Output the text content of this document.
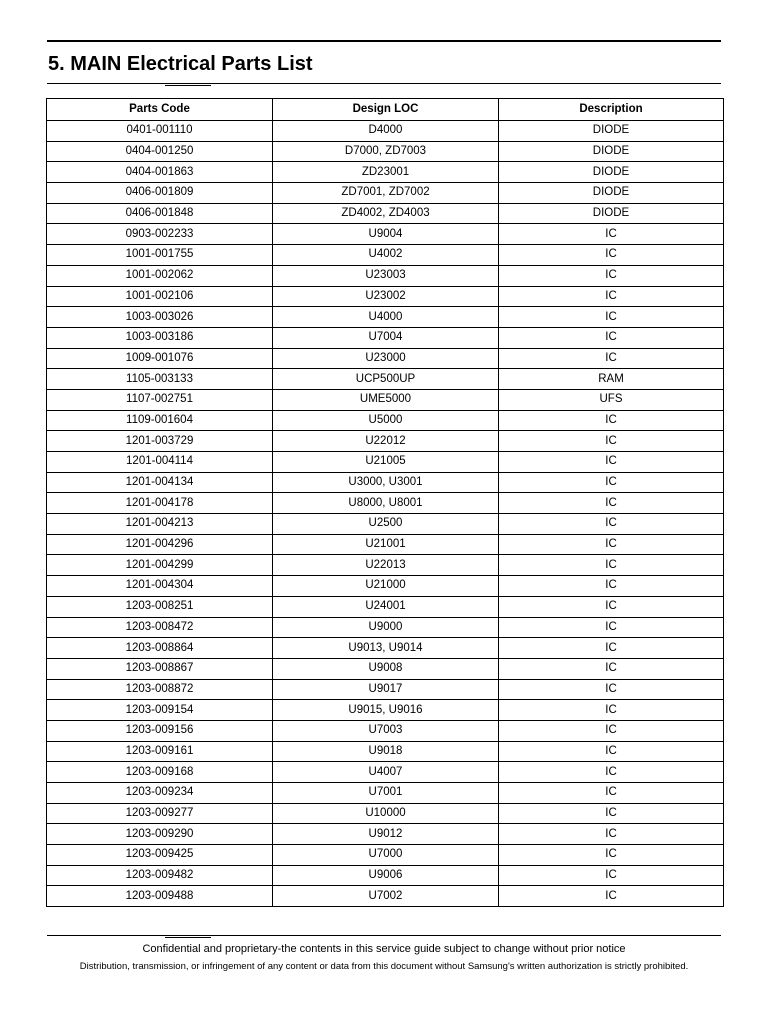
5. MAIN Electrical Parts List
Parts Code	Design LOC	Description
0401-001110	D4000	DIODE
0404-001250	D7000, ZD7003	DIODE
0404-001863	ZD23001	DIODE
0406-001809	ZD7001, ZD7002	DIODE
0406-001848	ZD4002, ZD4003	DIODE
0903-002233	U9004	IC
1001-001755	U4002	IC
1001-002062	U23003	IC
1001-002106	U23002	IC
1003-003026	U4000	IC
1003-003186	U7004	IC
1009-001076	U23000	IC
1105-003133	UCP500UP	RAM
1107-002751	UME5000	UFS
1109-001604	U5000	IC
1201-003729	U22012	IC
1201-004114	U21005	IC
1201-004134	U3000, U3001	IC
1201-004178	U8000, U8001	IC
1201-004213	U2500	IC
1201-004296	U21001	IC
1201-004299	U22013	IC
1201-004304	U21000	IC
1203-008251	U24001	IC
1203-008472	U9000	IC
1203-008864	U9013, U9014	IC
1203-008867	U9008	IC
1203-008872	U9017	IC
1203-009154	U9015, U9016	IC
1203-009156	U7003	IC
1203-009161	U9018	IC
1203-009168	U4007	IC
1203-009234	U7001	IC
1203-009277	U10000	IC
1203-009290	U9012	IC
1203-009425	U7000	IC
1203-009482	U9006	IC
1203-009488	U7002	IC
Confidential and proprietary-the contents in this service guide subject to change without prior notice
Distribution, transmission, or infringement of any content or data from this document without Samsung's written authorization is strictly prohibited.
